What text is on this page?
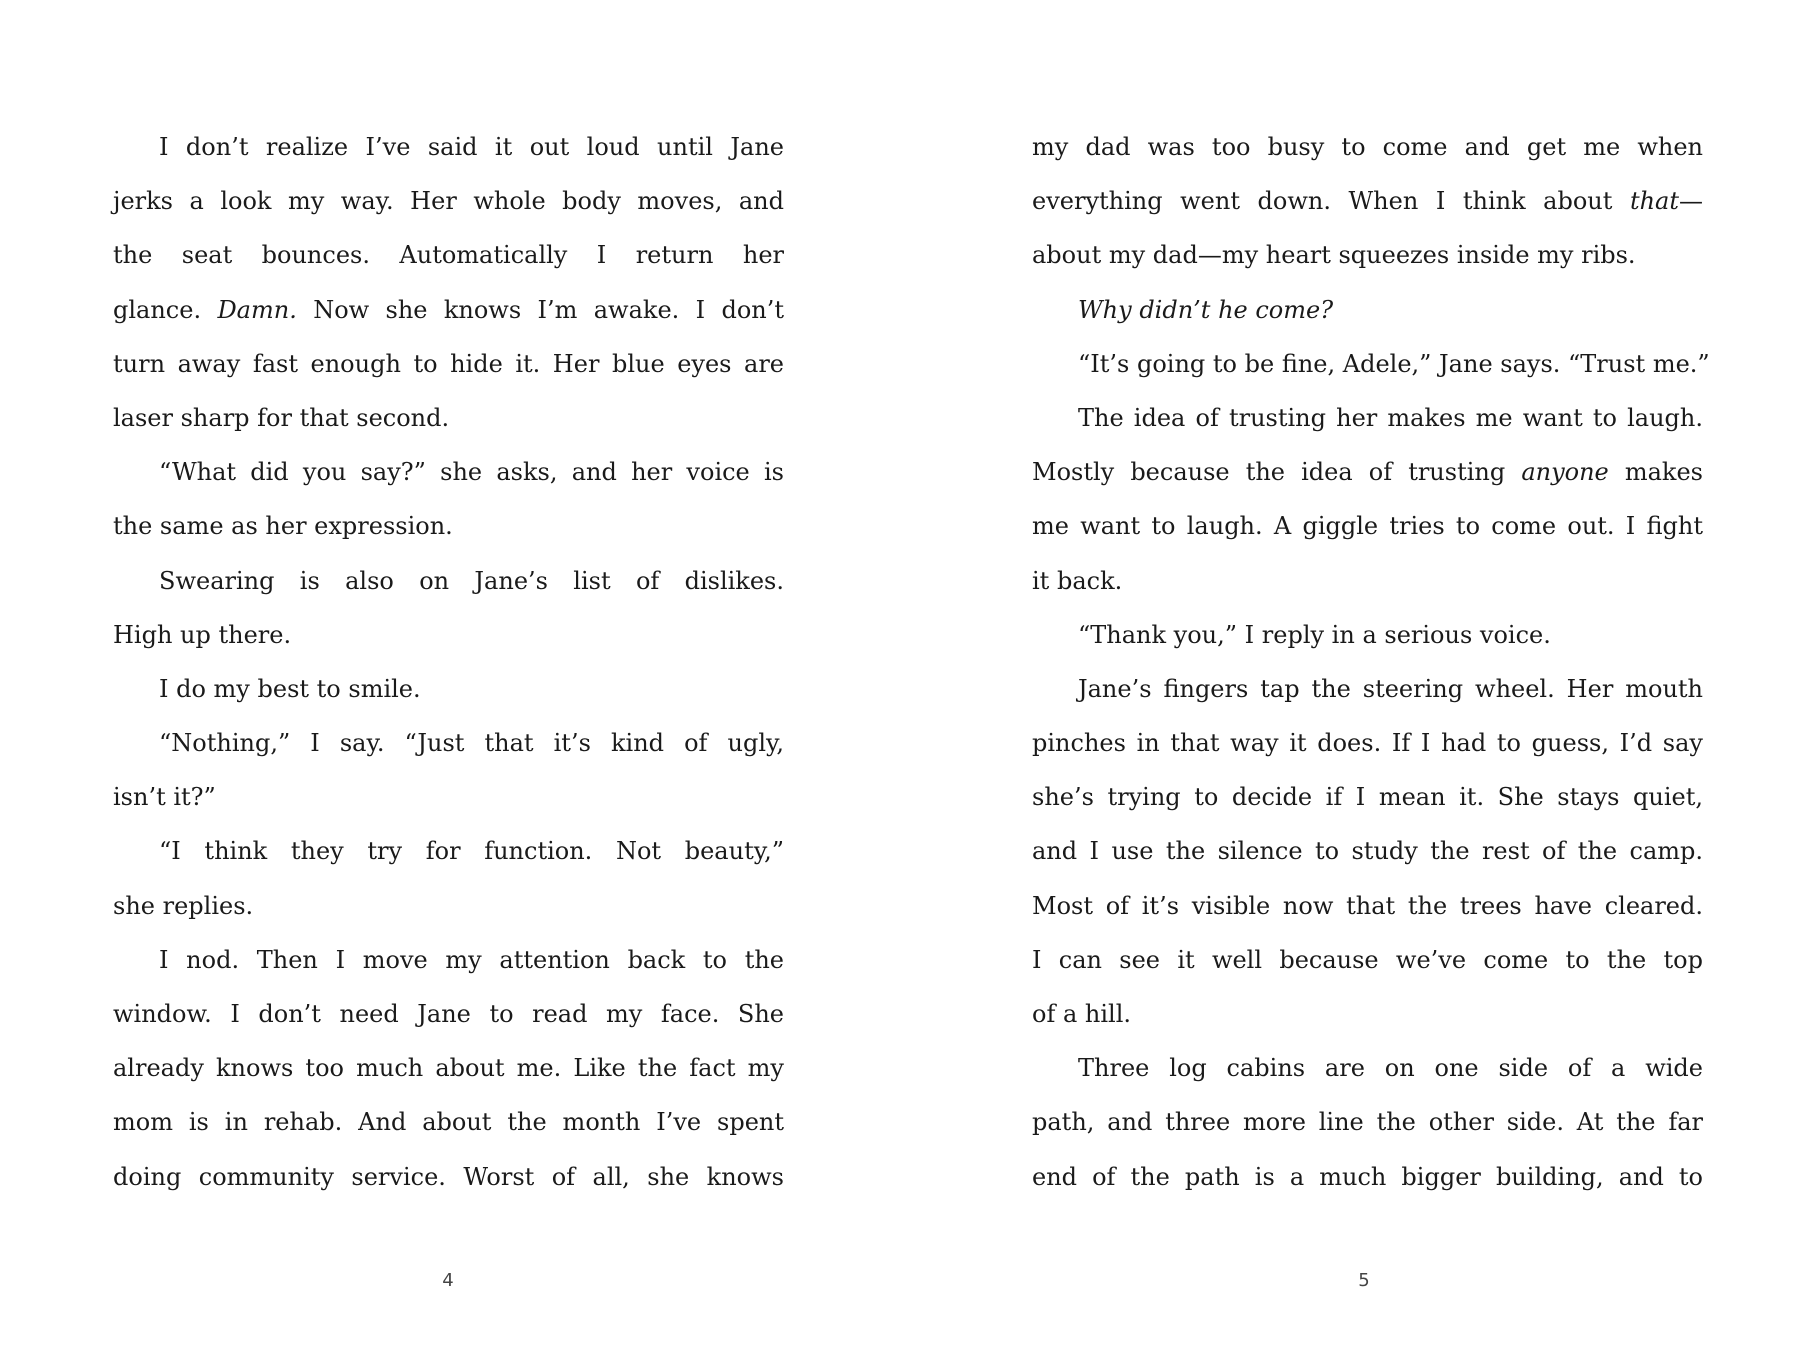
I don’t realize I’ve said it out loud until Jane
jerks a look my way. Her whole body moves, and
the seat bounces. Automatically I return her
glance. Damn. Now she knows I’m awake. I don’t
turn away fast enough to hide it. Her blue eyes are
laser sharp for that second.
“What did you say?” she asks, and her voice is
the same as her expression.
Swearing is also on Jane’s list of dislikes.
High up there.
I do my best to smile.
“Nothing,” I say. “Just that it’s kind of ugly,
isn’t it?”
“I think they try for function. Not beauty,”
she replies.
I nod. Then I move my attention back to the
window. I don’t need Jane to read my face. She
already knows too much about me. Like the fact my
mom is in rehab. And about the month I’ve spent
doing community service. Worst of all, she knows
my dad was too busy to come and get me when
everything went down. When I think about that—
about my dad—my heart squeezes inside my ribs.
Why didn’t he come?
“It’s going to be fine, Adele,” Jane says. “Trust me.”
The idea of trusting her makes me want to laugh.
Mostly because the idea of trusting anyone makes
me want to laugh. A giggle tries to come out. I fight
it back.
“Thank you,” I reply in a serious voice.
Jane’s fingers tap the steering wheel. Her mouth
pinches in that way it does. If I had to guess, I’d say
she’s trying to decide if I mean it. She stays quiet,
and I use the silence to study the rest of the camp.
Most of it’s visible now that the trees have cleared.
I can see it well because we’ve come to the top
of a hill.
Three log cabins are on one side of a wide
path, and three more line the other side. At the far
end of the path is a much bigger building, and to
4	5
